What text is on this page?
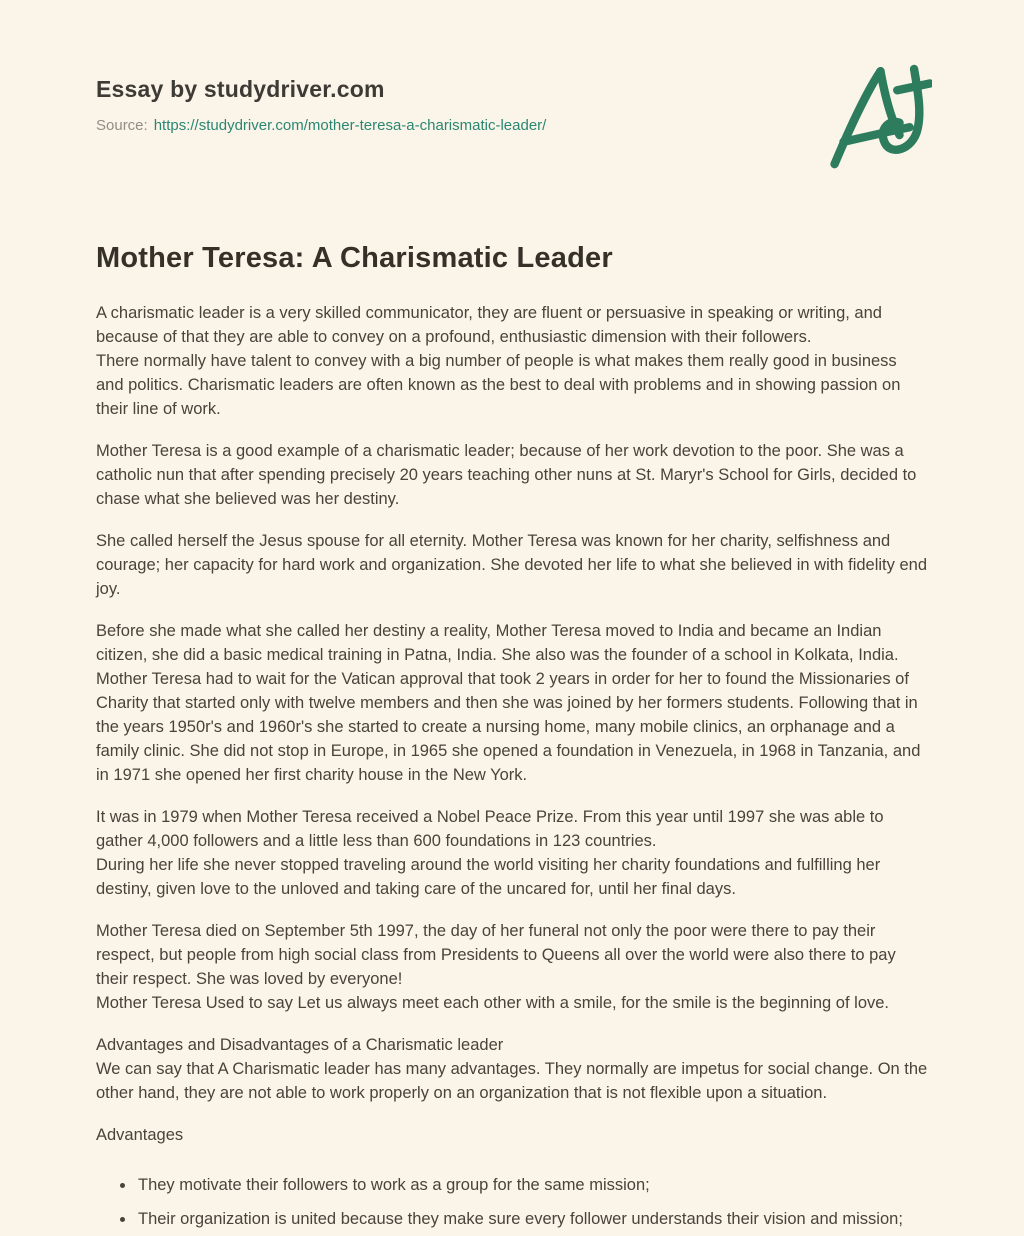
Essay by studydriver.com
Source: https://studydriver.com/mother-teresa-a-charismatic-leader/
Mother Teresa: A Charismatic Leader

A charismatic leader is a very skilled communicator, they are fluent or persuasive in speaking or writing, and because of that they are able to convey on a profound, enthusiastic dimension with their followers.
There normally have talent to convey with a big number of people is what makes them really good in business and politics. Charismatic leaders are often known as the best to deal with problems and in showing passion on their line of work.

Mother Teresa is a good example of a charismatic leader; because of her work devotion to the poor. She was a catholic nun that after spending precisely 20 years teaching other nuns at St. Maryr's School for Girls, decided to chase what she believed was her destiny.

She called herself the Jesus spouse for all eternity. Mother Teresa was known for her charity, selfishness and courage; her capacity for hard work and organization. She devoted her life to what she believed in with fidelity end joy.

Before she made what she called her destiny a reality, Mother Teresa moved to India and became an Indian citizen, she did a basic medical training in Patna, India. She also was the founder of a school in Kolkata, India. Mother Teresa had to wait for the Vatican approval that took 2 years in order for her to found the Missionaries of Charity that started only with twelve members and then she was joined by her formers students. Following that in the years 1950r's and 1960r's she started to create a nursing home, many mobile clinics, an orphanage and a family clinic. She did not stop in Europe, in 1965 she opened a foundation in Venezuela, in 1968 in Tanzania, and in 1971 she opened her first charity house in the New York.

It was in 1979 when Mother Teresa received a Nobel Peace Prize. From this year until 1997 she was able to gather 4,000 followers and a little less than 600 foundations in 123 countries.
During her life she never stopped traveling around the world visiting her charity foundations and fulfilling her destiny, given love to the unloved and taking care of the uncared for, until her final days.

Mother Teresa died on September 5th 1997, the day of her funeral not only the poor were there to pay their respect, but people from high social class from Presidents to Queens all over the world were also there to pay their respect. She was loved by everyone!
Mother Teresa Used to say Let us always meet each other with a smile, for the smile is the beginning of love.

Advantages and Disadvantages of a Charismatic leader
We can say that A Charismatic leader has many advantages. They normally are impetus for social change. On the other hand, they are not able to work properly on an organization that is not flexible upon a situation.

Advantages

• They motivate their followers to work as a group for the same mission;
• Their organization is united because they make sure every follower understands their vision and mission;
